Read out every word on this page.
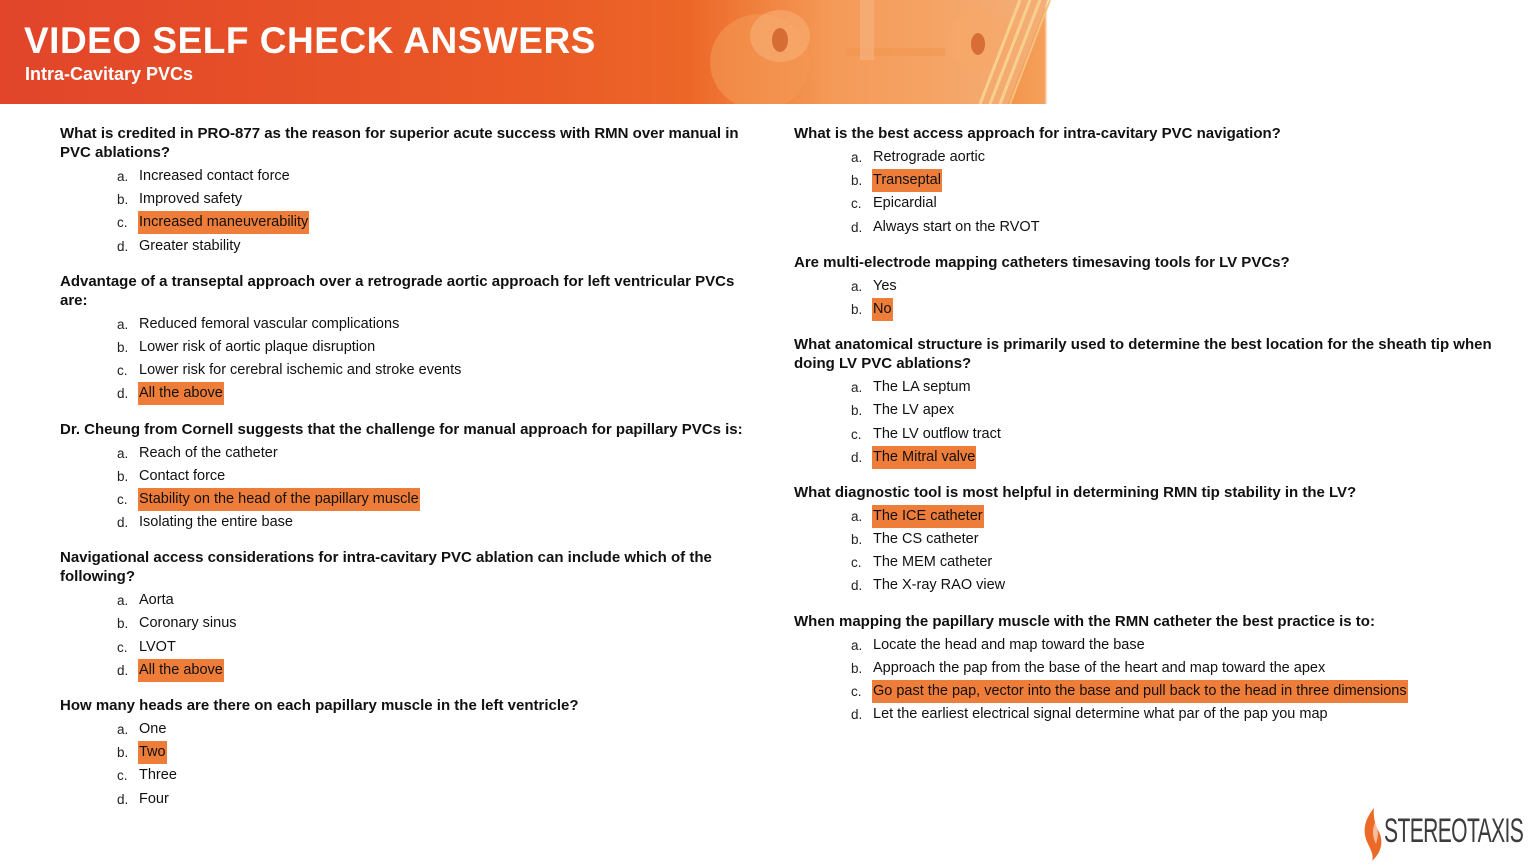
VIDEO SELF CHECK ANSWERS
Intra-Cavitary PVCs
What is credited in PRO-877 as the reason for superior acute success with RMN over manual in PVC ablations?
a. Increased contact force
b. Improved safety
c. Increased maneuverability
d. Greater stability
Advantage of a transeptal approach over a retrograde aortic approach for left ventricular PVCs are:
a. Reduced femoral vascular complications
b. Lower risk of aortic plaque disruption
c. Lower risk for cerebral ischemic and stroke events
d. All the above
Dr. Cheung from Cornell suggests that the challenge for manual approach for papillary PVCs is:
a. Reach of the catheter
b. Contact force
c. Stability on the head of the papillary muscle
d. Isolating the entire base
Navigational access considerations for intra-cavitary PVC ablation can include which of the following?
a. Aorta
b. Coronary sinus
c. LVOT
d. All the above
How many heads are there on each papillary muscle in the left ventricle?
a. One
b. Two
c. Three
d. Four
What is the best access approach for intra-cavitary PVC navigation?
a. Retrograde aortic
b. Transeptal
c. Epicardial
d. Always start on the RVOT
Are multi-electrode mapping catheters timesaving tools for LV PVCs?
a. Yes
b. No
What anatomical structure is primarily used to determine the best location for the sheath tip when doing LV PVC ablations?
a. The LA septum
b. The LV apex
c. The LV outflow tract
d. The Mitral valve
What diagnostic tool is most helpful in determining RMN tip stability in the LV?
a. The ICE catheter
b. The CS catheter
c. The MEM catheter
d. The X-ray RAO view
When mapping the papillary muscle with the RMN catheter the best practice is to:
a. Locate the head and map toward the base
b. Approach the pap from the base of the heart and map toward the apex
c. Go past the pap, vector into the base and pull back to the head in three dimensions
d. Let the earliest electrical signal determine what par of the pap you map
STEREOTAXIS
